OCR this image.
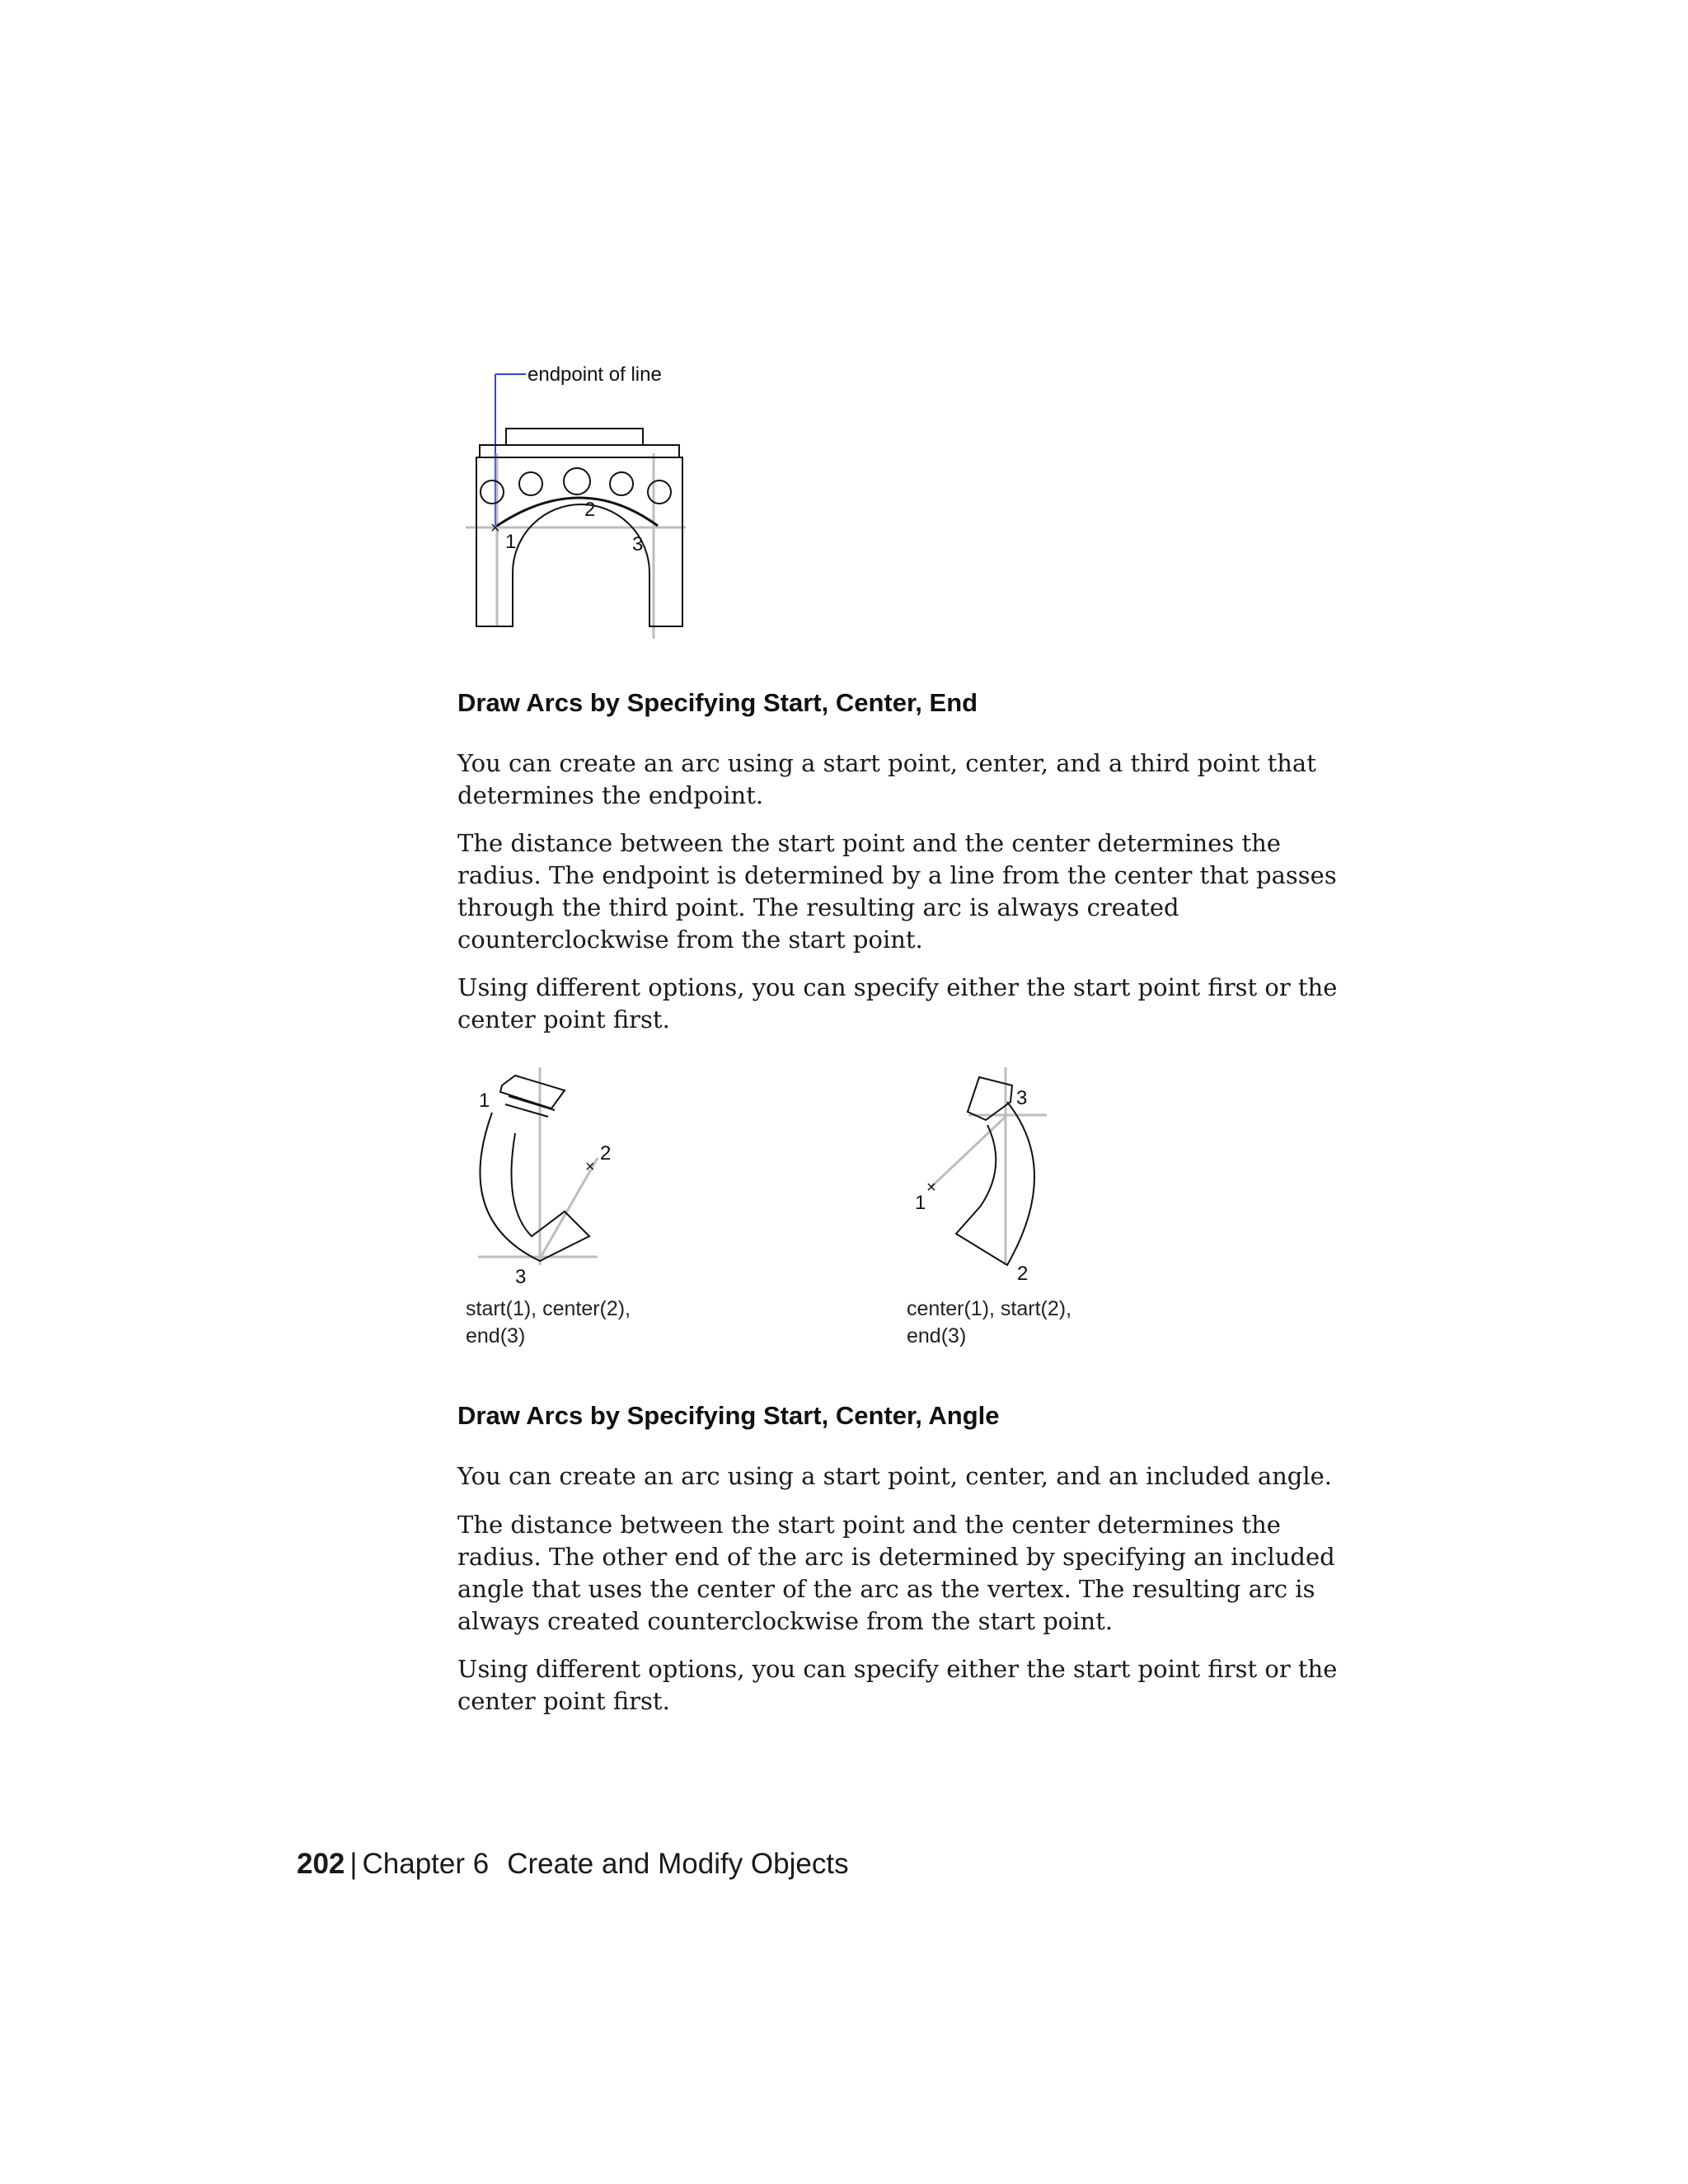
endpoint of line
×
1
2
3
Draw Arcs by Specifying Start, Center, End

You can create an arc using a start point, center, and a third point that determines the endpoint.

The distance between the start point and the center determines the radius. The endpoint is determined by a line from the center that passes through the third point. The resulting arc is always created counterclockwise from the start point.

Using different options, you can specify either the start point first or the center point first.

1
×
2
3

start(1), center(2),
end(3)

3
×
1
2

center(1), start(2),
end(3)

Draw Arcs by Specifying Start, Center, Angle

You can create an arc using a start point, center, and an included angle.

The distance between the start point and the center determines the radius. The other end of the arc is determined by specifying an included angle that uses the center of the arc as the vertex. The resulting arc is always created counterclockwise from the start point.

Using different options, you can specify either the start point first or the center point first.

202 | Chapter 6 Create and Modify Objects
